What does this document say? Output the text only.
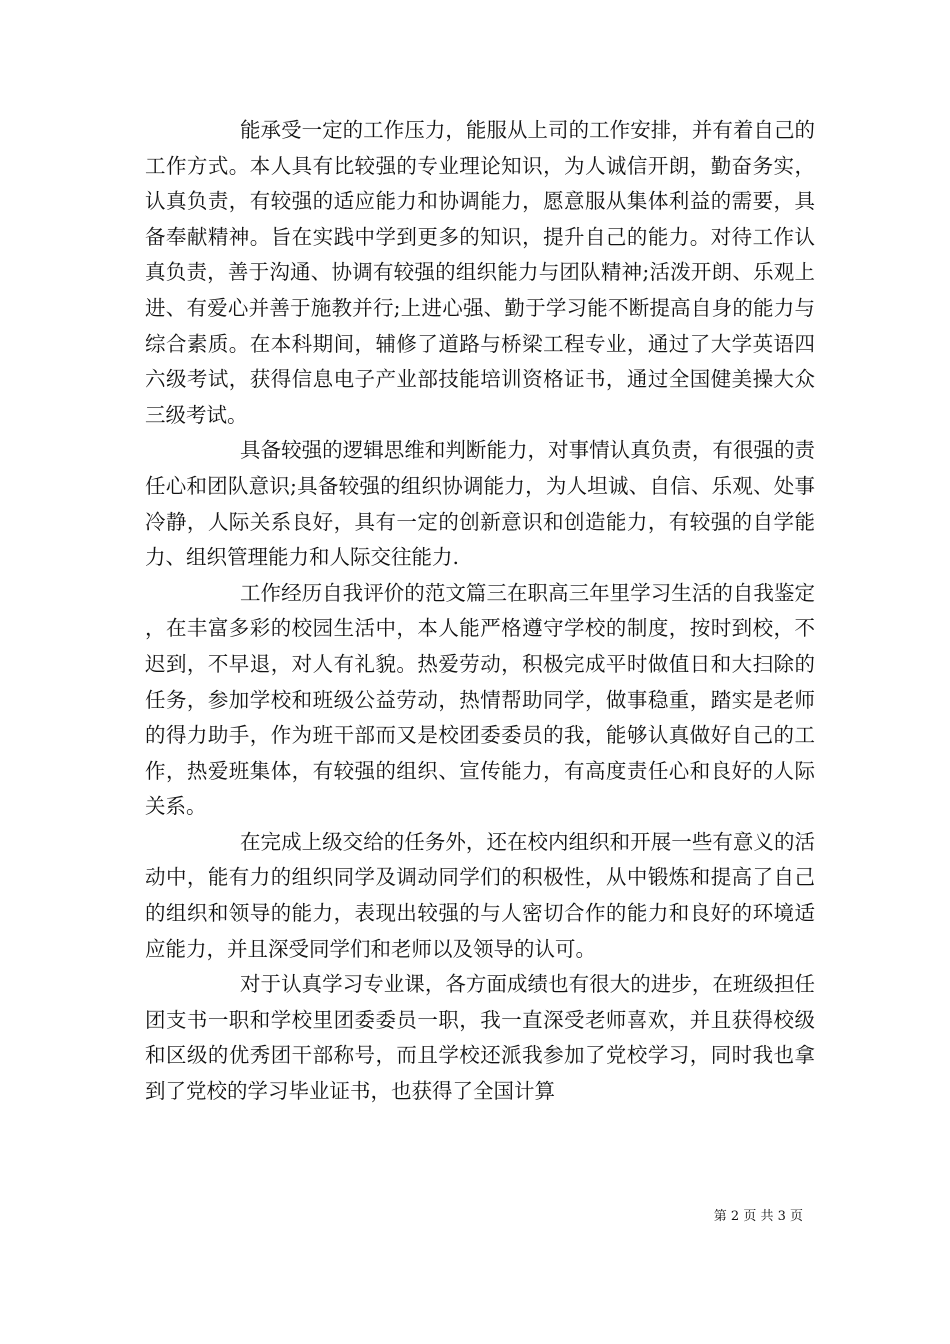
能承受一定的工作压力，能服从上司的工作安排，并有着自己的工作方式。本人具有比较强的专业理论知识，为人诚信开朗，勤奋务实，认真负责，有较强的适应能力和协调能力，愿意服从集体利益的需要，具备奉献精神。旨在实践中学到更多的知识，提升自己的能力。对待工作认真负责，善于沟通、协调有较强的组织能力与团队精神;活泼开朗、乐观上进、有爱心并善于施教并行;上进心强、勤于学习能不断提高自身的能力与综合素质。在本科期间，辅修了道路与桥梁工程专业，通过了大学英语四六级考试，获得信息电子产业部技能培训资格证书，通过全国健美操大众三级考试。

具备较强的逻辑思维和判断能力，对事情认真负责，有很强的责任心和团队意识;具备较强的组织协调能力，为人坦诚、自信、乐观、处事冷静，人际关系良好，具有一定的创新意识和创造能力，有较强的自学能力、组织管理能力和人际交往能力.

工作经历自我评价的范文篇三在职高三年里学习生活的自我鉴定，在丰富多彩的校园生活中，本人能严格遵守学校的制度，按时到校，不迟到，不早退，对人有礼貌。热爱劳动，积极完成平时做值日和大扫除的任务，参加学校和班级公益劳动，热情帮助同学，做事稳重，踏实是老师的得力助手，作为班干部而又是校团委委员的我，能够认真做好自己的工作，热爱班集体，有较强的组织、宣传能力，有高度责任心和良好的人际关系。

在完成上级交给的任务外，还在校内组织和开展一些有意义的活动中，能有力的组织同学及调动同学们的积极性，从中锻炼和提高了自己的组织和领导的能力，表现出较强的与人密切合作的能力和良好的环境适应能力，并且深受同学们和老师以及领导的认可。

对于认真学习专业课，各方面成绩也有很大的进步，在班级担任团支书一职和学校里团委委员一职，我一直深受老师喜欢，并且获得校级和区级的优秀团干部称号，而且学校还派我参加了党校学习，同时我也拿到了党校的学习毕业证书，也获得了全国计算

第 2 页 共 3 页
